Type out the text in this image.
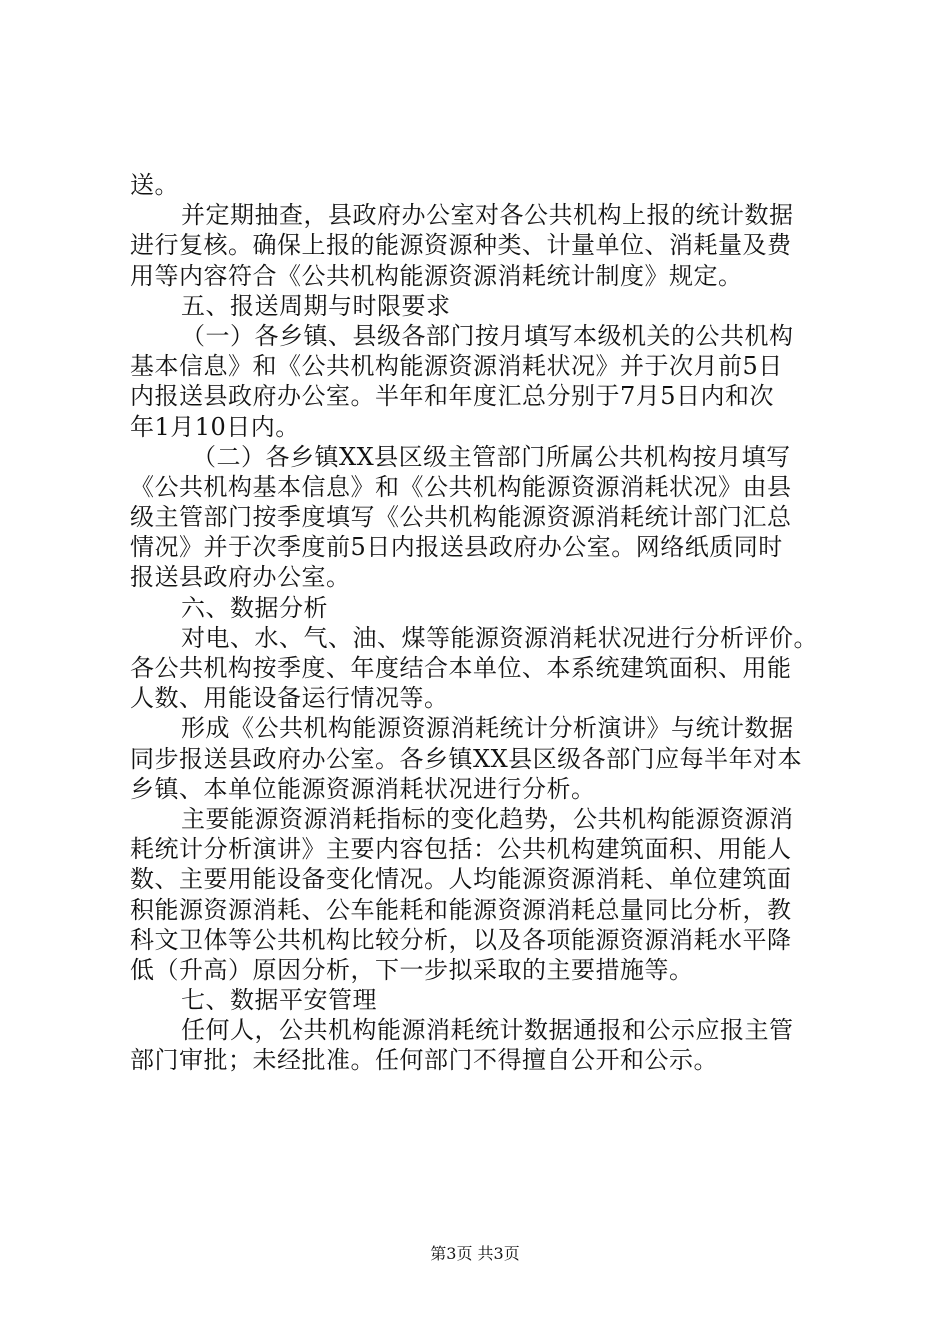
送。
并定期抽查，县政府办公室对各公共机构上报的统计数据
进行复核。确保上报的能源资源种类、计量单位、消耗量及费
用等内容符合《公共机构能源资源消耗统计制度》规定。
五、报送周期与时限要求
（一）各乡镇、县级各部门按月填写本级机关的公共机构
基本信息》和《公共机构能源资源消耗状况》并于次月前5日
内报送县政府办公室。半年和年度汇总分别于7月5日内和次
年1月10日内。
（二）各乡镇XX县区级主管部门所属公共机构按月填写
《公共机构基本信息》和《公共机构能源资源消耗状况》由县
级主管部门按季度填写《公共机构能源资源消耗统计部门汇总
情况》并于次季度前5日内报送县政府办公室。网络纸质同时
报送县政府办公室。
六、数据分析
对电、水、气、油、煤等能源资源消耗状况进行分析评价。
各公共机构按季度、年度结合本单位、本系统建筑面积、用能
人数、用能设备运行情况等。
形成《公共机构能源资源消耗统计分析演讲》与统计数据
同步报送县政府办公室。各乡镇XX县区级各部门应每半年对本
乡镇、本单位能源资源消耗状况进行分析。
主要能源资源消耗指标的变化趋势，公共机构能源资源消
耗统计分析演讲》主要内容包括：公共机构建筑面积、用能人
数、主要用能设备变化情况。人均能源资源消耗、单位建筑面
积能源资源消耗、公车能耗和能源资源消耗总量同比分析，教
科文卫体等公共机构比较分析，以及各项能源资源消耗水平降
低（升高）原因分析，下一步拟采取的主要措施等。
七、数据平安管理
任何人，公共机构能源消耗统计数据通报和公示应报主管
部门审批；未经批准。任何部门不得擅自公开和公示。
第3页 共3页
